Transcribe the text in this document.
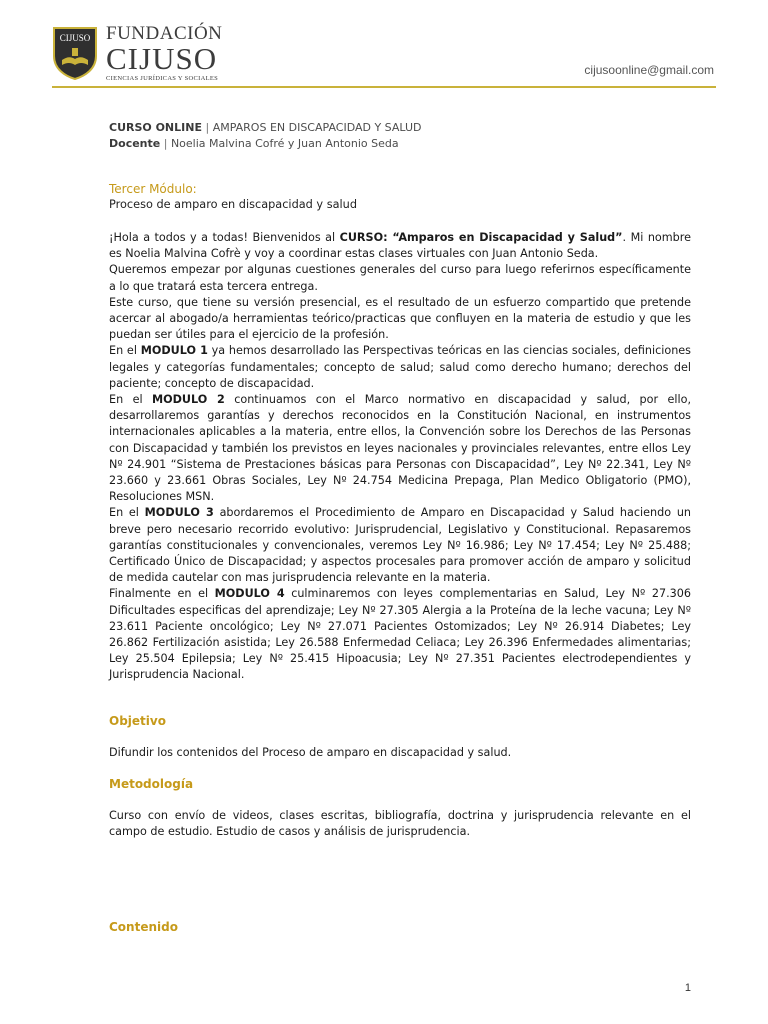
CIJUSO FUNDACIÓN
CIJUSO
CIENCIAS JURÍDICAS Y SOCIALES
cijusoonline@gmail.com
CURSO ONLINE | AMPAROS EN DISCAPACIDAD Y SALUD
Docente | Noelia Malvina Cofré y Juan Antonio Seda
Tercer Módulo:
Proceso de amparo en discapacidad y salud

¡Hola a todos y a todas! Bienvenidos al CURSO: “Amparos en Discapacidad y Salud”. Mi nombre es Noelia Malvina Cofrè y voy a coordinar estas clases virtuales con Juan Antonio Seda.

Queremos empezar por algunas cuestiones generales del curso para luego referirnos específicamente a lo que tratará esta tercera entrega.

Este curso, que tiene su versión presencial, es el resultado de un esfuerzo compartido que pretende acercar al abogado/a herramientas teórico/practicas que confluyen en la materia de estudio y que les puedan ser útiles para el ejercicio de la profesión.

En el MODULO 1 ya hemos desarrollado las Perspectivas teóricas en las ciencias sociales, definiciones legales y categorías fundamentales; concepto de salud; salud como derecho humano; derechos del paciente; concepto de discapacidad.

En el MODULO 2 continuamos con el Marco normativo en discapacidad y salud, por ello, desarrollaremos garantías y derechos reconocidos en la Constitución Nacional, en instrumentos internacionales aplicables a la materia, entre ellos, la Convención sobre los Derechos de las Personas con Discapacidad y también los previstos en leyes nacionales y provinciales relevantes, entre ellos Ley Nº 24.901 “Sistema de Prestaciones básicas para Personas con Discapacidad”, Ley Nº 22.341, Ley Nº 23.660 y 23.661 Obras Sociales, Ley Nº 24.754 Medicina Prepaga, Plan Medico Obligatorio (PMO), Resoluciones MSN.

En el MODULO 3 abordaremos el Procedimiento de Amparo en Discapacidad y Salud haciendo un breve pero necesario recorrido evolutivo: Jurisprudencial, Legislativo y Constitucional. Repasaremos garantías constitucionales y convencionales, veremos Ley Nº 16.986; Ley Nº 17.454; Ley Nº 25.488; Certificado Único de Discapacidad; y aspectos procesales para promover acción de amparo y solicitud de medida cautelar con mas jurisprudencia relevante en la materia.

Finalmente en el MODULO 4 culminaremos con leyes complementarias en Salud, Ley Nº 27.306 Dificultades especificas del aprendizaje; Ley Nº 27.305 Alergia a la Proteína de la leche vacuna; Ley Nº 23.611 Paciente oncológico; Ley Nº 27.071 Pacientes Ostomizados; Ley Nº 26.914 Diabetes; Ley 26.862 Fertilización asistida; Ley 26.588 Enfermedad Celiaca; Ley 26.396 Enfermedades alimentarias; Ley 25.504 Epilepsia; Ley Nº 25.415 Hipoacusia; Ley Nº 27.351 Pacientes electrodependientes y Jurisprudencia Nacional.

Objetivo
Difundir los contenidos del Proceso de amparo en discapacidad y salud.
Metodología
Curso con envío de videos, clases escritas, bibliografía, doctrina y jurisprudencia relevante en el campo de estudio. Estudio de casos y análisis de jurisprudencia.
Contenido
1
